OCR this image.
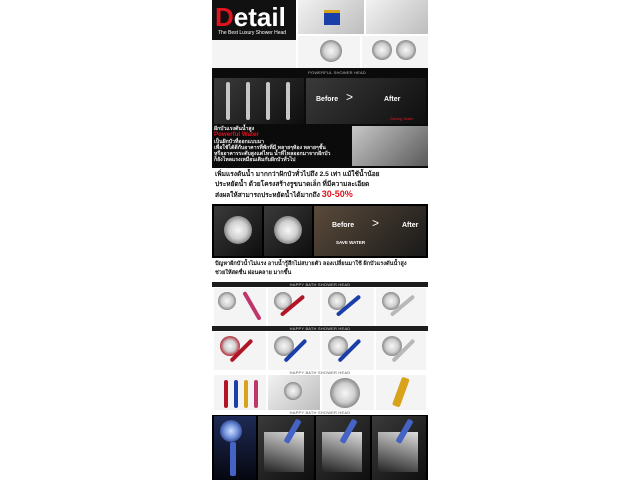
Detail
The Best Luxury Shower Head
POWERFUL SHOWER HEAD
Before >	After
Saving Water
ฝักบัวแรงดันน้ำสูง
Powerful Water
เป็นฝักบัวที่ออกแบบมา
เพื่อใช้ได้ดีกับอาคารที่พักที่มี หลายๆห้อง หลายๆชั้น
หรืออาคารระดับสูงแต่ไหน น้ำที่ไหลออกมาจากฝักบัว
ก็ยังไหลแรงเหมือนเดิมกับฝักบัวทั่วไป
เพิ่มแรงดันน้ำ มากกว่าฝักบัวทั่วไปถึง 2.5 เท่า แม้ใช้น้ำน้อย
ประหยัดน้ำ ด้วยโครงสร้างรูขนาดเล็ก ที่มีความละเอียด
ส่งผลให้สามารถประหยัดน้ำได้มากถึง 30-50%
Before >	After
SAVE WATER
ปัญหาฝักบัวน้ำไม่แรง อาบน้ำรู้สึกไม่สบายตัว ลองเปลี่ยนมาใช้ ฝักบัวแรงดันน้ำสูง
ช่วยให้สดชื่น ผ่อนคลาย มากขึ้น
HAPPY BATH SHOWER HEAD
HAPPY BATH SHOWER HEAD
HAPPY BATH SHOWER HEAD
HAPPY BATH SHOWER HEAD
